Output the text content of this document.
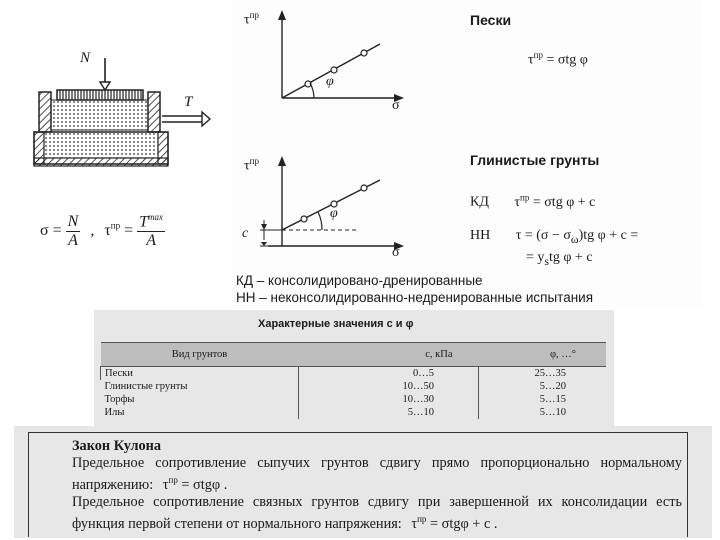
N
T
$\sigma = \frac{N}{A}$ , $\tau^{пр}$ =
$T^{max}$
A
$\tau^{пр}$
σ
φ
Пески
$\tau^{пр} = \sigma tg$ φ
$\tau^{пр}$
σ
φ
c
Глинистые грунты
КД $\tau^{пр} = \sigma tg$ φ + c
НН $\tau = (\sigma - \sigma_\omega)tg$ φ + c =
= $y_stg$ φ + c
КД – консолидировано-дренированные
НН – неконсолидированно-недренированные испытания
Характерные значения c и φ
Вид грунтов	c, кПа	φ, …°
Пески	0…5	25…35
Глинистые грунты	10…50	5…20
Торфы	10…30	5…15
Илы	5…10	5…10

Закон Кулона

Предельное сопротивление сыпучих грунтов сдвигу прямо пропорционально нормальному напряжению: $\tau^{пр} = \sigma tg\varphi$ .

Предельное сопротивление связных грунтов сдвигу при завершенной их консолидации есть функция первой степени от нормального напряжения: $\tau^{пр} = \sigma tg\varphi + c$ .
